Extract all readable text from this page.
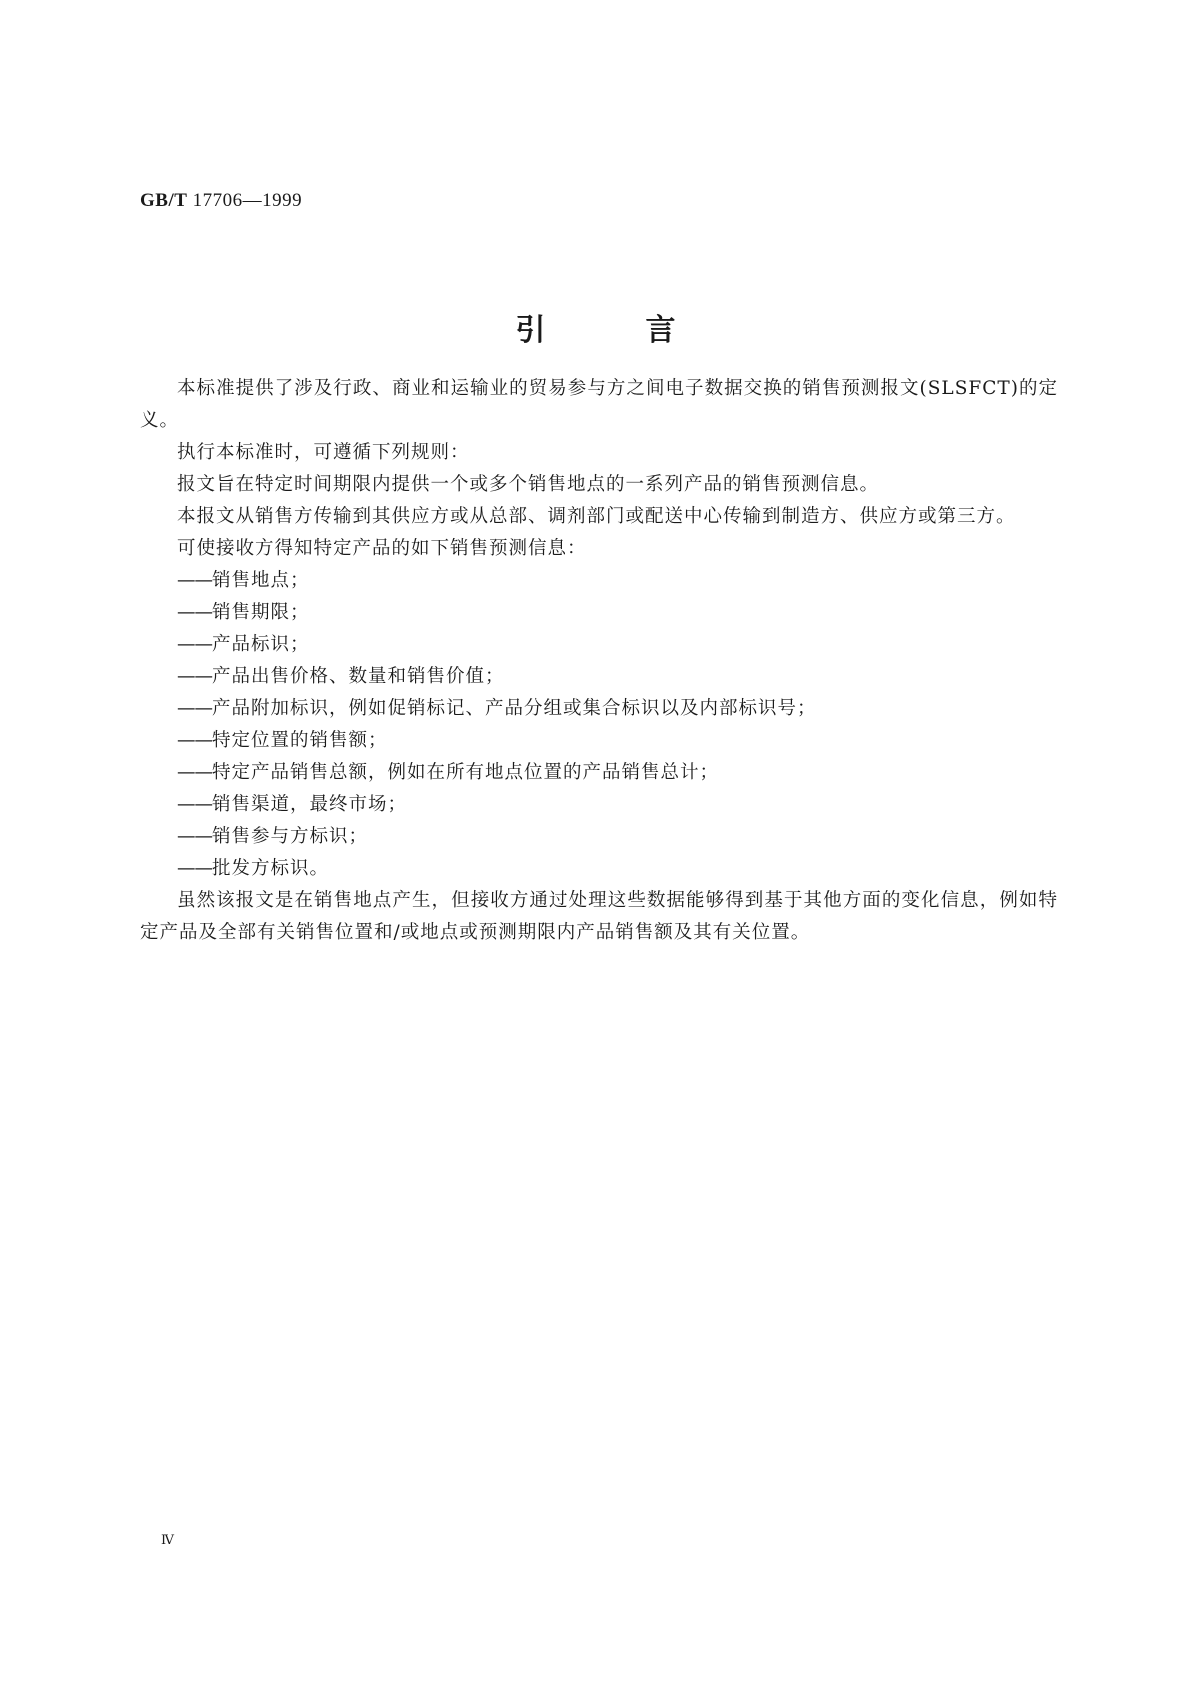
GB/T 17706—1999
引	言

本标准提供了涉及行政、商业和运输业的贸易参与方之间电子数据交换的销售预测报文(SLSFCT)的定义。

执行本标准时，可遵循下列规则：

报文旨在特定时间期限内提供一个或多个销售地点的一系列产品的销售预测信息。

本报文从销售方传输到其供应方或从总部、调剂部门或配送中心传输到制造方、供应方或第三方。

可使接收方得知特定产品的如下销售预测信息：

——销售地点；

——销售期限；

——产品标识；

——产品出售价格、数量和销售价值；

——产品附加标识，例如促销标记、产品分组或集合标识以及内部标识号；

——特定位置的销售额；

——特定产品销售总额，例如在所有地点位置的产品销售总计；

——销售渠道，最终市场；

——销售参与方标识；

——批发方标识。

虽然该报文是在销售地点产生，但接收方通过处理这些数据能够得到基于其他方面的变化信息，例如特定产品及全部有关销售位置和/或地点或预测期限内产品销售额及其有关位置。

Ⅳ
